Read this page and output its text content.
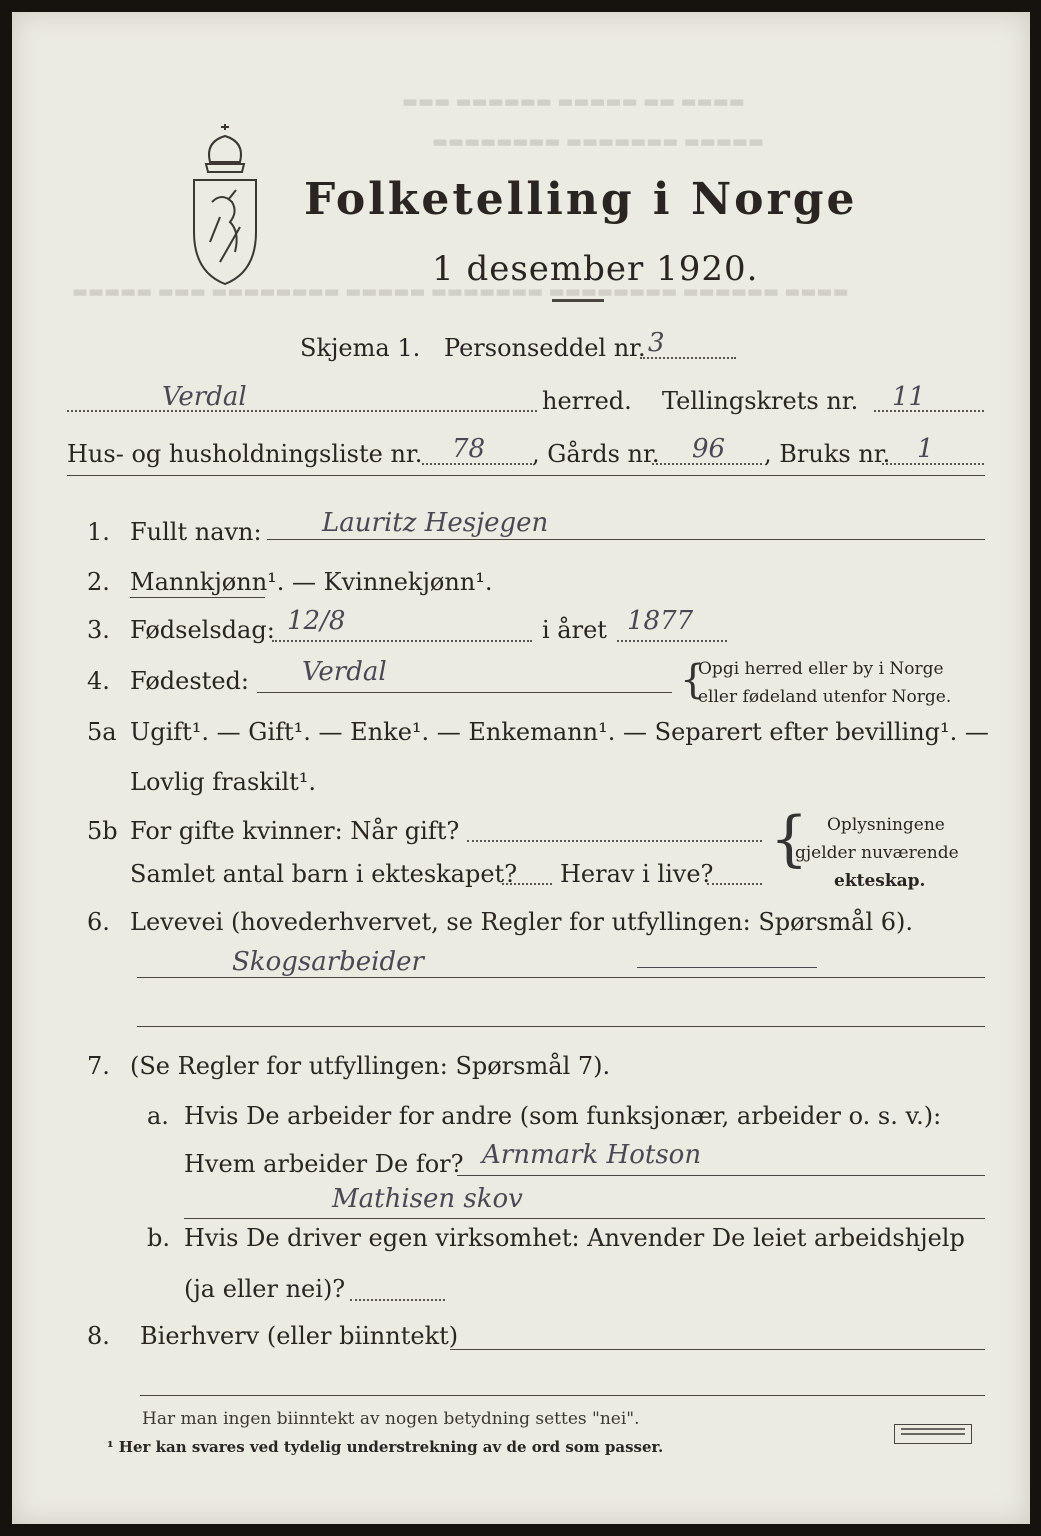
▬▬▬ ▬▬▬▬▬▬ ▬▬▬▬▬ ▬▬ ▬▬▬▬
▬▬▬▬▬▬▬▬ ▬▬▬▬▬▬▬ ▬▬▬▬▬
▬▬▬▬▬ ▬▬▬ ▬▬▬▬▬▬▬▬ ▬▬▬▬▬ ▬▬▬▬▬▬▬ ▬▬▬▬▬▬▬▬ ▬▬▬▬▬▬ ▬▬▬▬
Folketelling i Norge
1 desember 1920.
Skjema 1. Personseddel nr. 3
Verdal	herred. Tellingskrets nr. 11
Hus- og husholdningsliste nr. 78 , Gårds nr. 96 , Bruks nr. 1
1. Fullt navn: Lauritz Hesjegen
2. Mannkjønn¹. — Kvinnekjønn¹.
3. Fødselsdag: 12/8	i året 1877
4. Fødested: Verdal	{
Opgi herred eller by i Norge
eller fødeland utenfor Norge.
5a Ugift¹. — Gift¹. — Enke¹. — Enkemann¹. — Separert efter bevilling¹. —
Lovlig fraskilt¹.
5b For gifte kvinner: Når gift?
Samlet antal barn i ekteskapet? Herav i live? { Oplysningene
gjelder nuværende
ekteskap.
6. Levevei (hovederhvervet, se Regler for utfyllingen: Spørsmål 6).
Skogsarbeider
7. (Se Regler for utfyllingen: Spørsmål 7).
a. Hvis De arbeider for andre (som funksjonær, arbeider o. s. v.):
Hvem arbeider De for? Arnmark Hotson
Mathisen skov
b. Hvis De driver egen virksomhet: Anvender De leiet arbeidshjelp
(ja eller nei)?
8. Bierhverv (eller biinntekt)
Har man ingen biinntekt av nogen betydning settes "nei".
¹ Her kan svares ved tydelig understrekning av de ord som passer.
